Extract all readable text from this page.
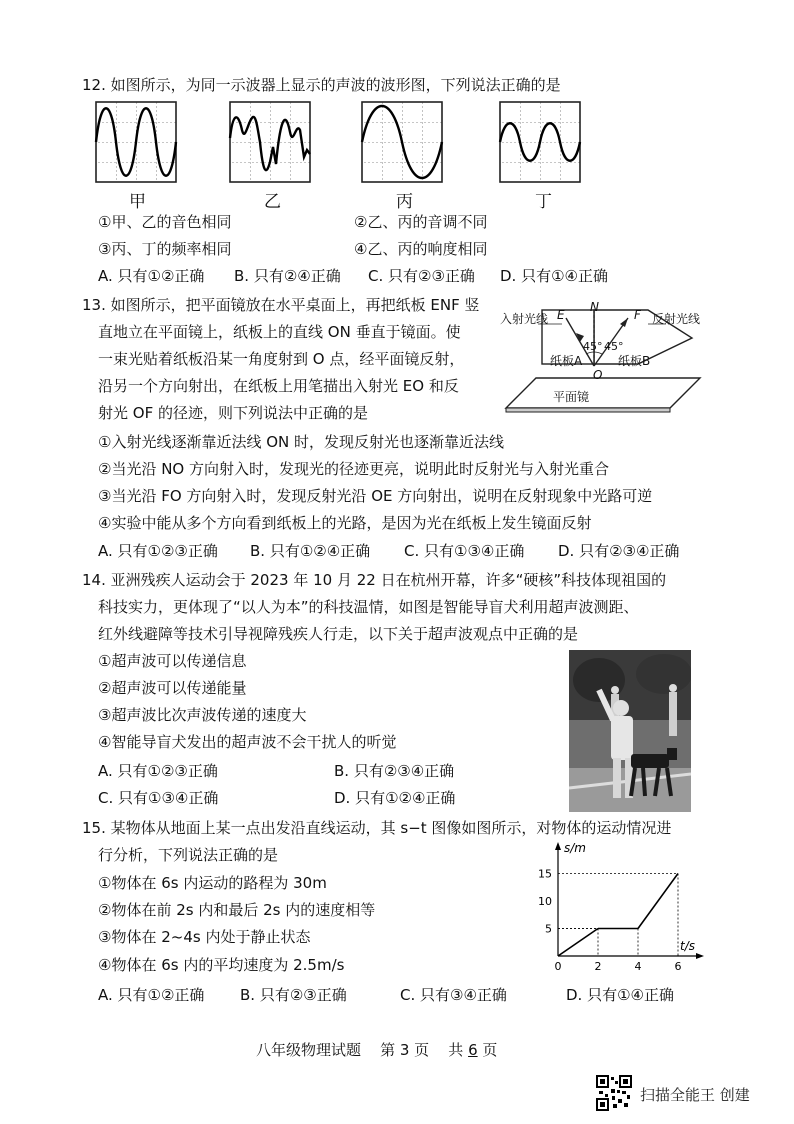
12. 如图所示，为同一示波器上显示的声波的波形图，下列说法正确的是
甲	乙	丙	丁
①甲、乙的音色相同	②乙、丙的音调不同
③丙、丁的频率相同	④乙、丙的响度相同
A. 只有①②正确 B. 只有②④正确 C. 只有②③正确 D. 只有①④正确
13. 如图所示，把平面镜放在水平桌面上，再把纸板 ENF 竖
直地立在平面镜上，纸板上的直线 ON 垂直于镜面。使
一束光贴着纸板沿某一角度射到 O 点，经平面镜反射，
沿另一个方向射出，在纸板上用笔描出入射光 EO 和反
射光 OF 的径迹，则下列说法中正确的是
入射光线	反射光线
E
N
F
45° 45°
纸板A	纸板B
O
平面镜
①入射光线逐渐靠近法线 ON 时，发现反射光也逐渐靠近法线
②当光沿 NO 方向射入时，发现光的径迹更亮，说明此时反射光与入射光重合
③当光沿 FO 方向射入时，发现反射光沿 OE 方向射出，说明在反射现象中光路可逆
④实验中能从多个方向看到纸板上的光路，是因为光在纸板上发生镜面反射
A. 只有①②③正确 B. 只有①②④正确 C. 只有①③④正确 D. 只有②③④正确
14. 亚洲残疾人运动会于 2023 年 10 月 22 日在杭州开幕，许多“硬核”科技体现祖国的
科技实力，更体现了“以人为本”的科技温情，如图是智能导盲犬利用超声波测距、
红外线避障等技术引导视障残疾人行走，以下关于超声波观点中正确的是
①超声波可以传递信息
②超声波可以传递能量
③超声波比次声波传递的速度大
④智能导盲犬发出的超声波不会干扰人的听觉
A. 只有①②③正确	B. 只有②③④正确
C. 只有①③④正确	D. 只有①②④正确
15. 某物体从地面上某一点出发沿直线运动，其 s−t 图像如图所示，对物体的运动情况进
行分析，下列说法正确的是
①物体在 6s 内运动的路程为 30m
②物体在前 2s 内和最后 2s 内的速度相等
③物体在 2~4s 内处于静止状态
④物体在 6s 内的平均速度为 2.5m/s
A. 只有①②正确 B. 只有②③正确	C. 只有③④正确	D. 只有①④正确
0	2	4	6
5
10
15
s/m
t/s
八年级物理试题 第 3 页 共 6 页
扫描全能王 创建
